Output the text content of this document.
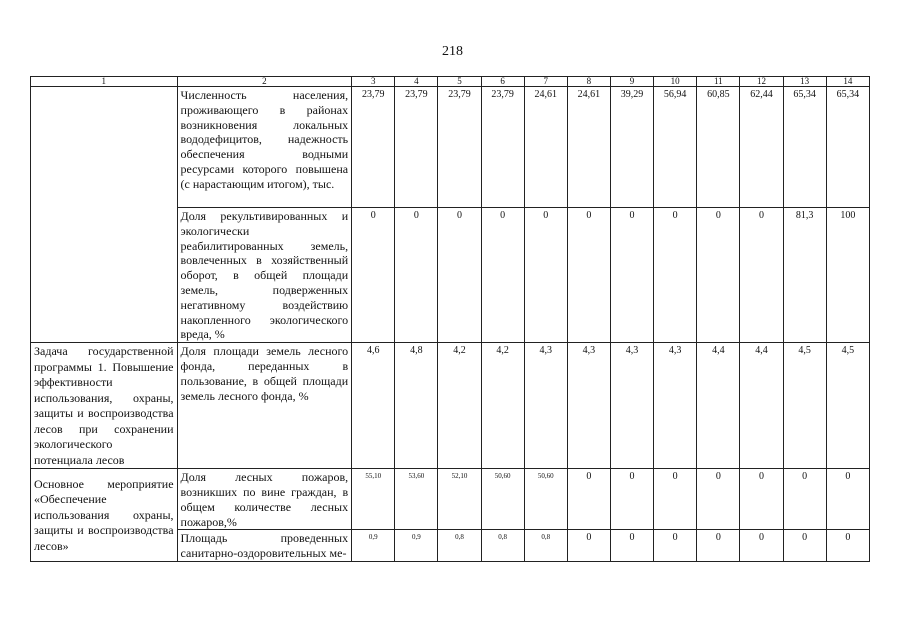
218
1	2	3	4	5	6	7	8	9	10	11	12	13	14
	Численность населения, проживающего в районах возникновения локальных вододефицитов, надежность обеспечения водными ресурсами которого повышена (с нарастающим итогом), тыс.	23,79	23,79	23,79	23,79	24,61	24,61	39,29	56,94	60,85	62,44	65,34	65,34
	Доля рекультивированных и экологически реабилитированных земель, вовлеченных в хозяйственный оборот, в общей площади земель, подверженных негативному воздействию накопленного экологического вреда, %	0	0	0	0	0	0	0	0	0	0	81,3	100
Задача государственной программы 1. Повышение эффективности использования, охраны, защиты и воспроизводства лесов при сохранении экологического потенциала лесов	Доля площади земель лесного фонда, переданных в пользование, в общей площади земель лесного фонда, %	4,6	4,8	4,2	4,2	4,3	4,3	4,3	4,3	4,4	4,4	4,5	4,5
Основное мероприятие «Обеспечение использования охраны, защиты и воспроизводства лесов»	Доля лесных пожаров, возникших по вине граждан, в общем количестве лесных пожаров,%	55,10	53,60	52,10	50,60	50,60	0	0	0	0	0	0	0
	Площадь проведенных санитарно-оздоровительных ме-	0,9	0,9	0,8	0,8	0,8	0	0	0	0	0	0	0
